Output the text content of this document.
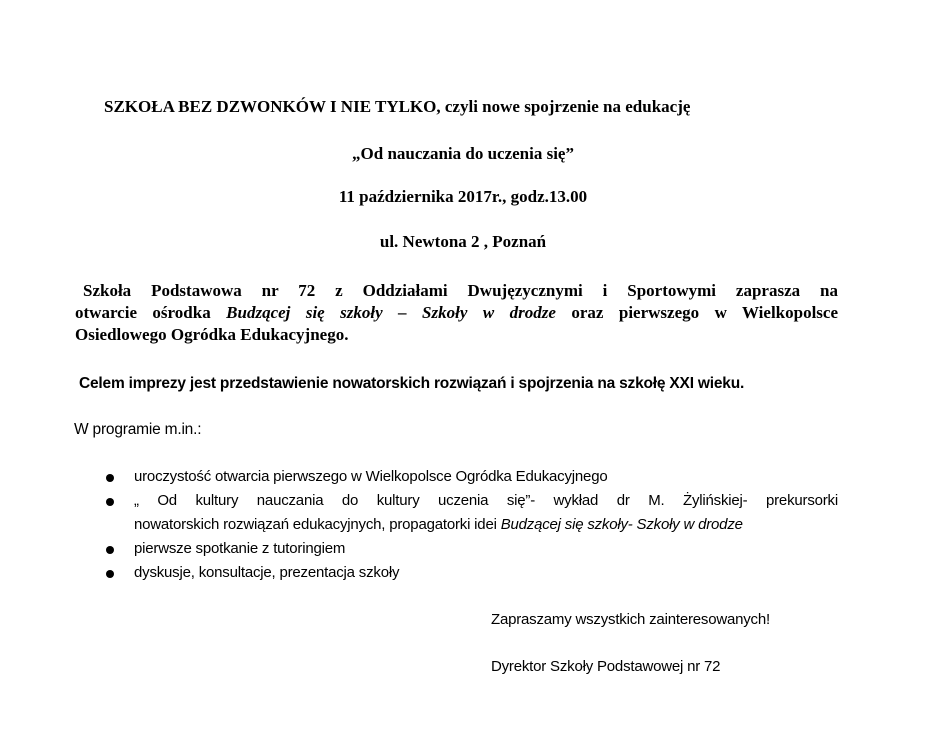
SZKOŁA BEZ DZWONKÓW I NIE TYLKO, czyli nowe spojrzenie na edukację
„Od nauczania do uczenia się”
11 października 2017r., godz.13.00
ul. Newtona 2 , Poznań
Szkoła Podstawowa nr 72 z Oddziałami Dwujęzycznymi i Sportowymi zaprasza na
otwarcie ośrodka Budzącej się szkoły – Szkoły w drodze oraz pierwszego w Wielkopolsce
Osiedlowego Ogródka Edukacyjnego.
Celem imprezy jest przedstawienie nowatorskich rozwiązań i spojrzenia na szkołę XXI wieku.
W programie m.in.:
uroczystość otwarcia pierwszego w Wielkopolsce Ogródka Edukacyjnego
„ Od kultury nauczania do kultury uczenia się”- wykład dr M. Żylińskiej- prekursorki
nowatorskich rozwiązań edukacyjnych, propagatorki idei Budzącej się szkoły- Szkoły w drodze
pierwsze spotkanie z tutoringiem
dyskusje, konsultacje, prezentacja szkoły
Zapraszamy wszystkich zainteresowanych!
Dyrektor Szkoły Podstawowej nr 72
